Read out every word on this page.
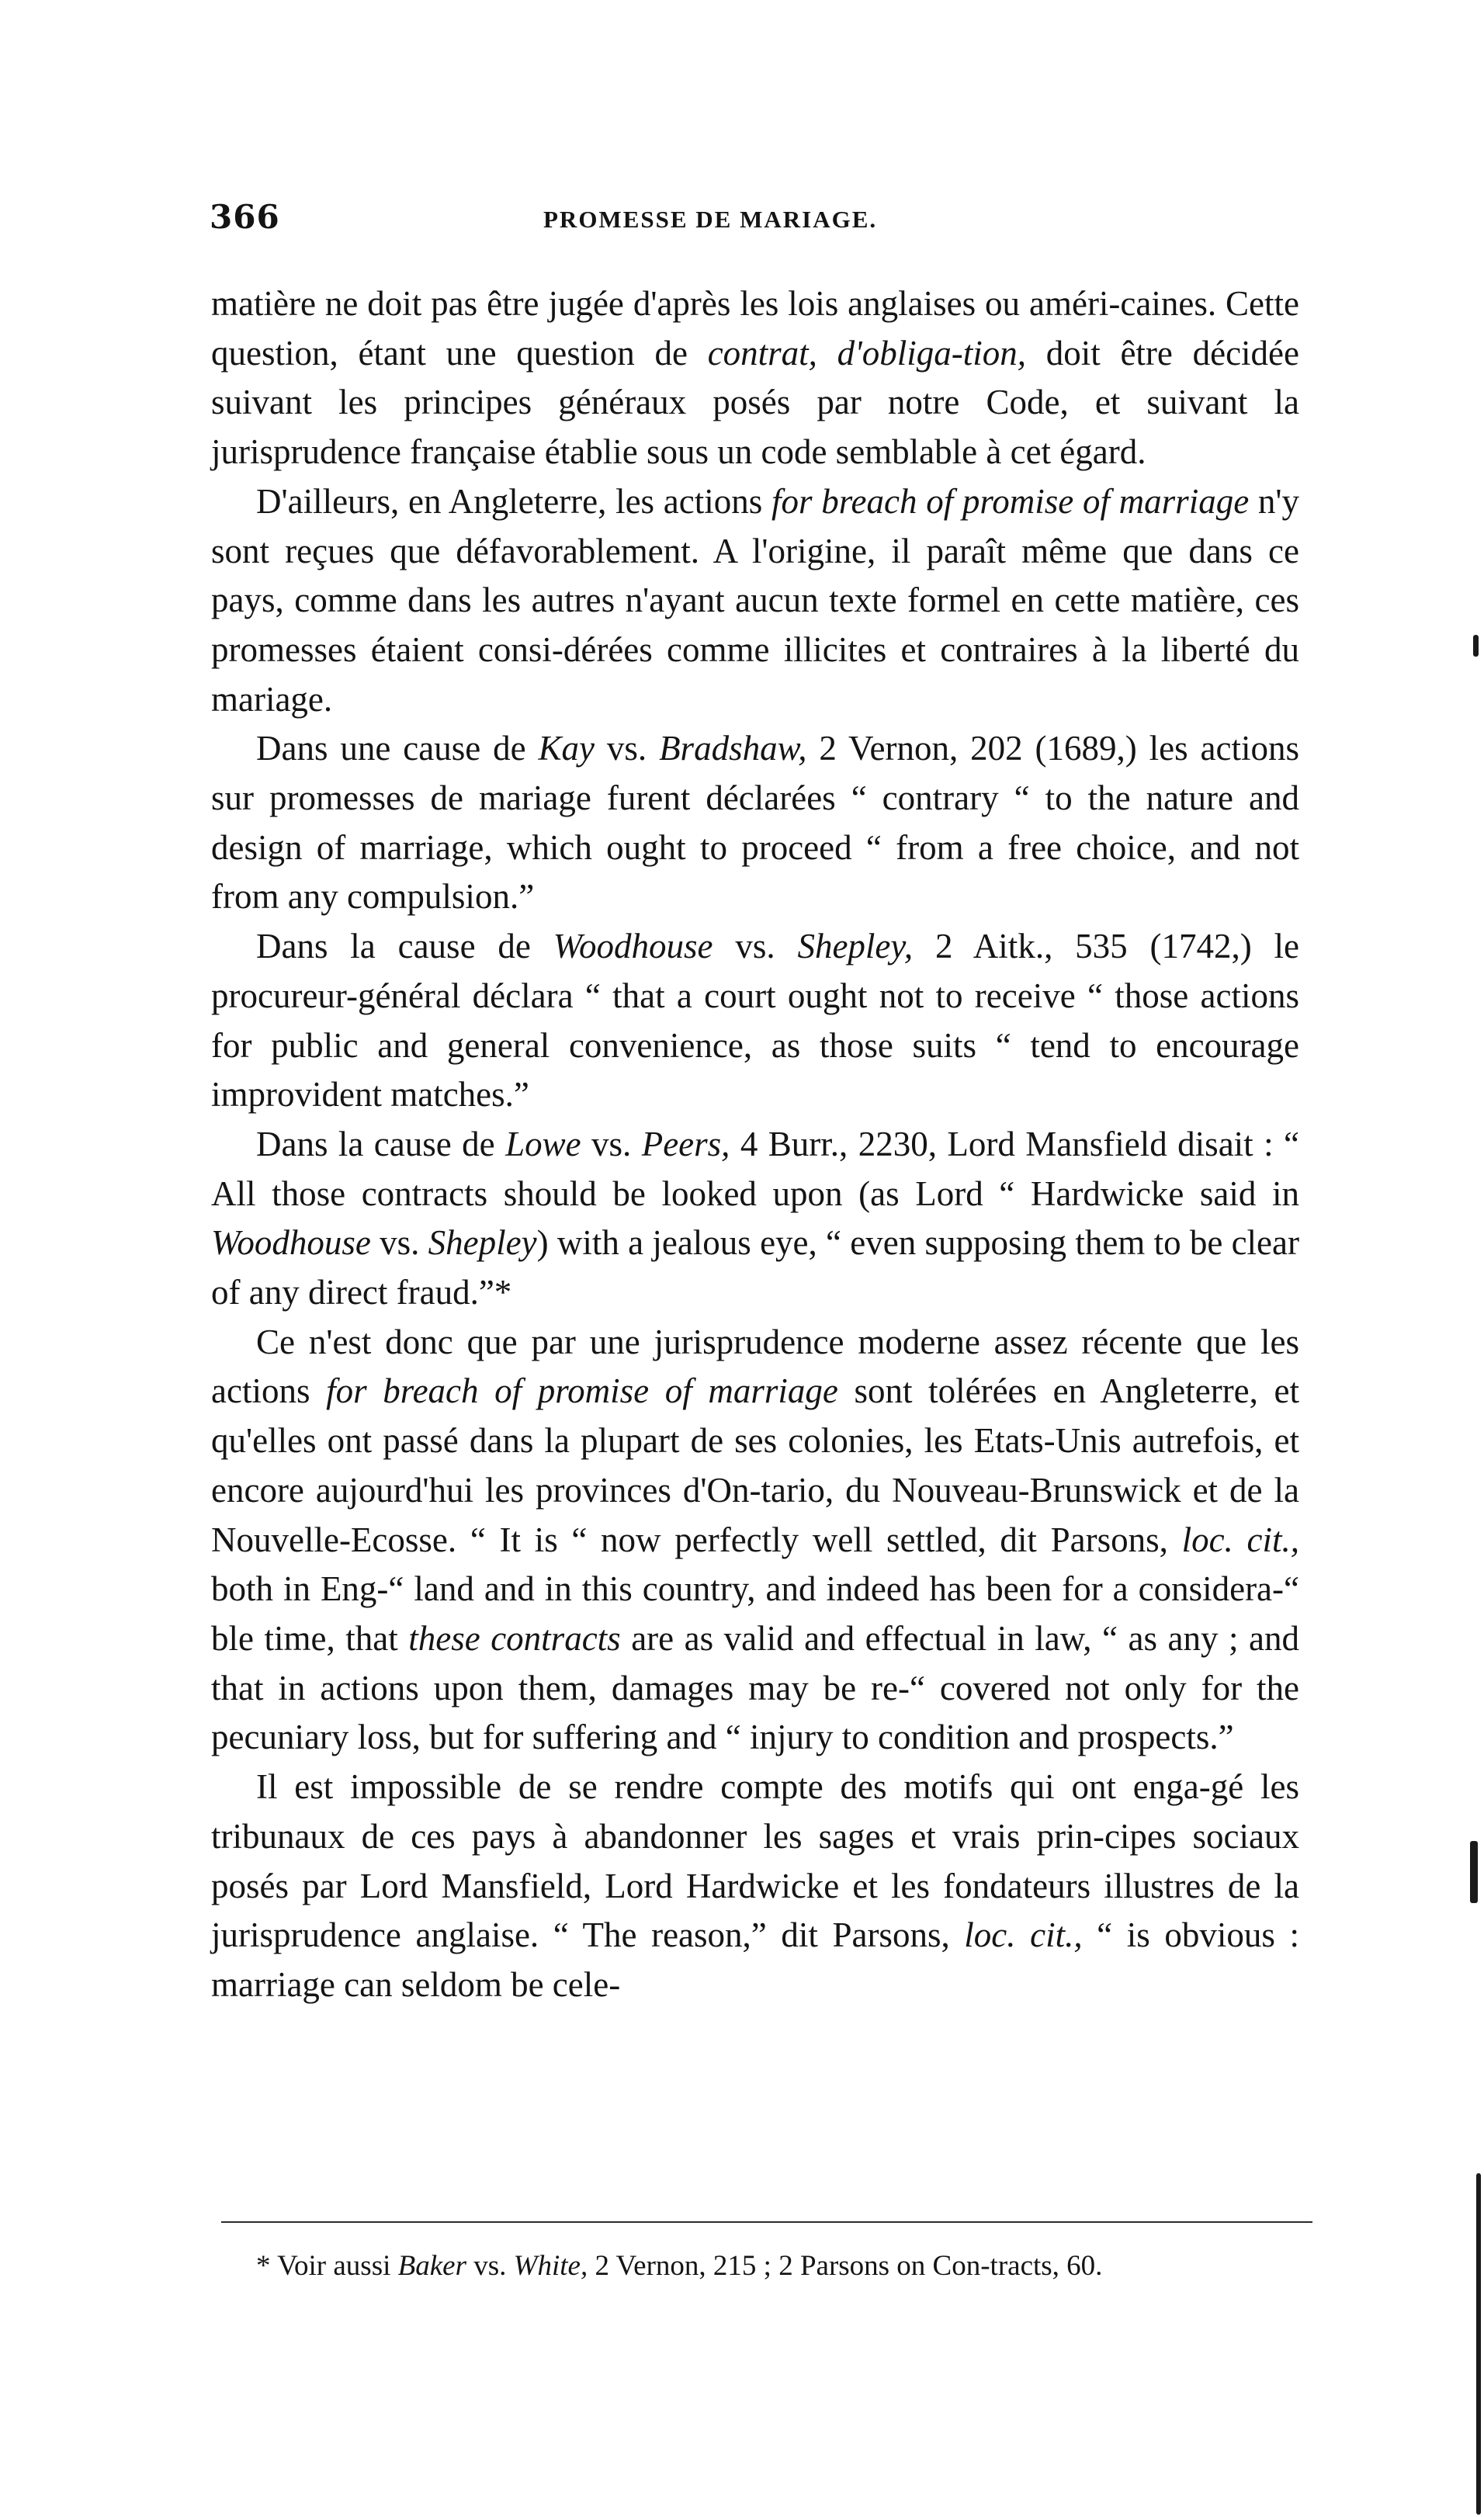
366	PROMESSE DE MARIAGE.

matière ne doit pas être jugée d'après les lois anglaises ou améri-caines. Cette question, étant une question de contrat, d'obliga-tion, doit être décidée suivant les principes généraux posés par notre Code, et suivant la jurisprudence française établie sous un code semblable à cet égard.

D'ailleurs, en Angleterre, les actions for breach of promise of marriage n'y sont reçues que défavorablement. A l'origine, il paraît même que dans ce pays, comme dans les autres n'ayant aucun texte formel en cette matière, ces promesses étaient consi-dérées comme illicites et contraires à la liberté du mariage.

Dans une cause de Kay vs. Bradshaw, 2 Vernon, 202 (1689,) les actions sur promesses de mariage furent déclarées “ contrary “ to the nature and design of marriage, which ought to proceed “ from a free choice, and not from any compulsion.”

Dans la cause de Woodhouse vs. Shepley, 2 Aitk., 535 (1742,) le procureur-général déclara “ that a court ought not to receive “ those actions for public and general convenience, as those suits “ tend to encourage improvident matches.”

Dans la cause de Lowe vs. Peers, 4 Burr., 2230, Lord Mansfield disait : “ All those contracts should be looked upon (as Lord “ Hardwicke said in Woodhouse vs. Shepley) with a jealous eye, “ even supposing them to be clear of any direct fraud.”*

Ce n'est donc que par une jurisprudence moderne assez récente que les actions for breach of promise of marriage sont tolérées en Angleterre, et qu'elles ont passé dans la plupart de ses colonies, les Etats-Unis autrefois, et encore aujourd'hui les provinces d'On-tario, du Nouveau-Brunswick et de la Nouvelle-Ecosse. “ It is “ now perfectly well settled, dit Parsons, loc. cit., both in Eng-“ land and in this country, and indeed has been for a considera-“ ble time, that these contracts are as valid and effectual in law, “ as any ; and that in actions upon them, damages may be re-“ covered not only for the pecuniary loss, but for suffering and “ injury to condition and prospects.”

Il est impossible de se rendre compte des motifs qui ont enga-gé les tribunaux de ces pays à abandonner les sages et vrais prin-cipes sociaux posés par Lord Mansfield, Lord Hardwicke et les fondateurs illustres de la jurisprudence anglaise. “ The reason,” dit Parsons, loc. cit., “ is obvious : marriage can seldom be cele-

* Voir aussi Baker vs. White, 2 Vernon, 215 ; 2 Parsons on Con-tracts, 60.
